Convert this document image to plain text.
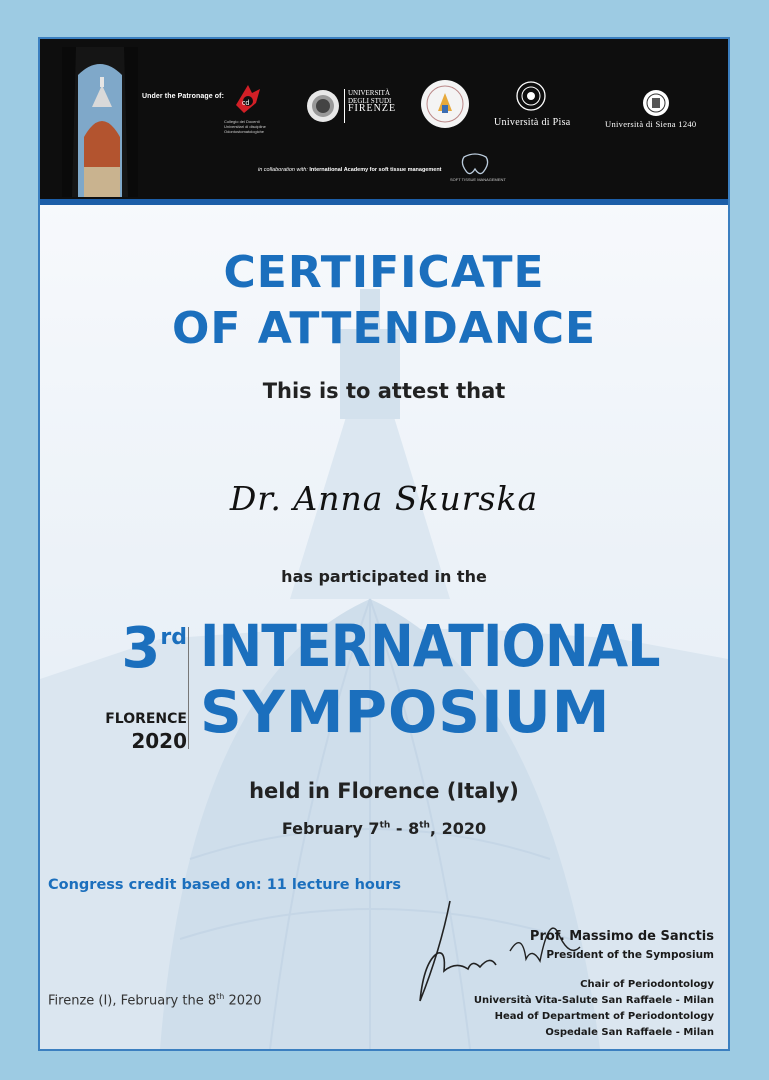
Under the Patronage of:
cd
Collegio dei Docenti Universitari di discipline Odontostomatologiche
UNIVERSITÀ
DEGLI STUDI
FIRENZE
Università di Pisa	Università di Siena 1240
in collaboration with: International Academy for soft tissue management
SOFT TISSUE MANAGEMENT
CERTIFICATE
OF ATTENDANCE
This is to attest that
Dr. Anna Skurska
has participated in the
3rd
FLORENCE
2020
INTERNATIONAL
SYMPOSIUM
held in Florence (Italy)
February 7th - 8th, 2020
Congress credit based on: 11 lecture hours
Prof. Massimo de Sanctis
President of the Symposium
Chair of Periodontology
Università Vita-Salute San Raffaele - Milan
Head of Department of Periodontology
Ospedale San Raffaele - Milan
Firenze (I), February the 8th 2020
